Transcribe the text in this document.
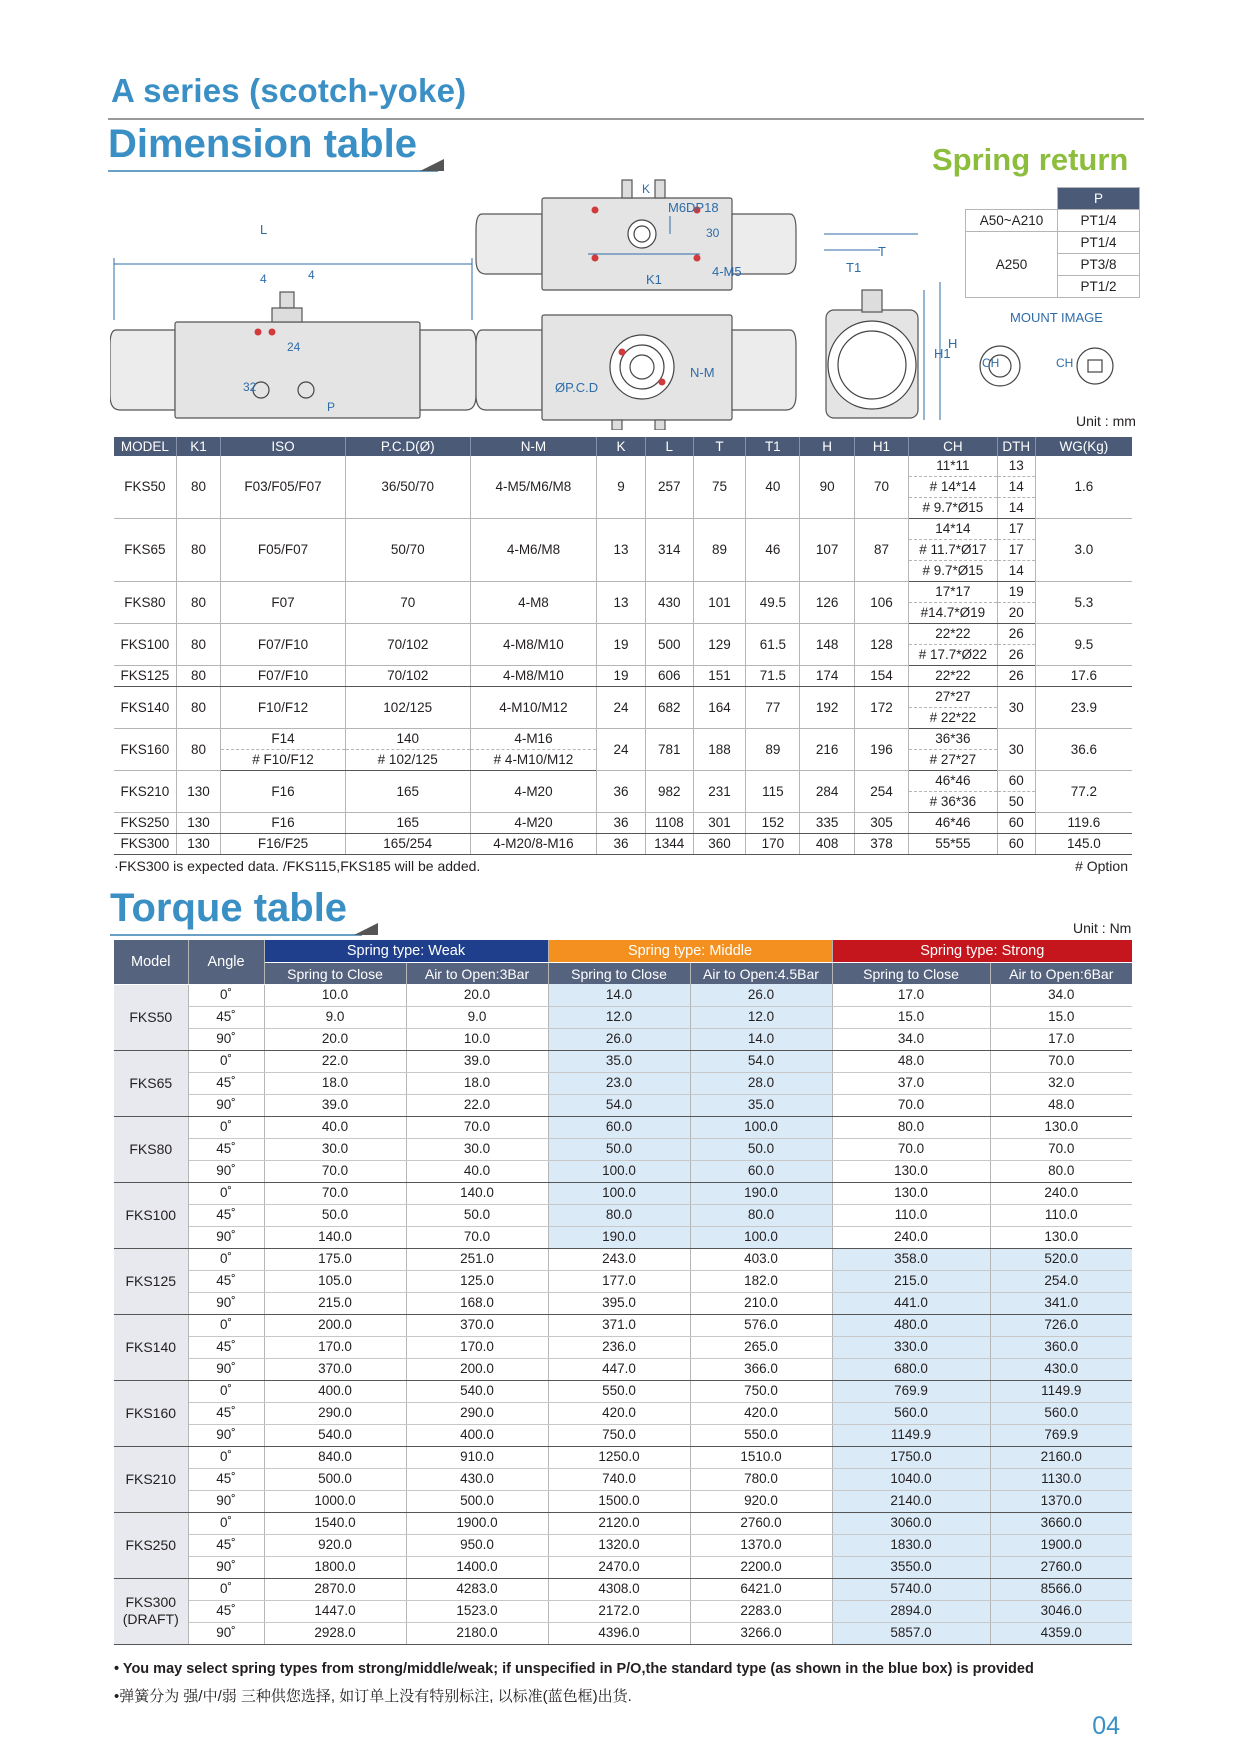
A series (scotch-yoke)
Dimension table	Spring return
L
4	4
24
32
P
K
M6DP18
30
K1
4-M5
ØP.C.D
N-M
T
T1
H1
H
CH	CH
MOUNT IMAGE
	P
A50~A210	PT1/4
A250	PT1/4
	PT3/8
	PT1/2
Unit : mm
MODEL	K1	ISO	P.C.D(Ø)	N-M	K	L	T	T1	H	H1	CH	DTH	WG(Kg)
FKS50	80	F03/F05/F07	36/50/70	4-M5/M6/M8	9	257	75	40	90	70	11*11	13	1.6
											# 14*14	14	
											# 9.7*Ø15	14	
FKS65	80	F05/F07	50/70	4-M6/M8	13	314	89	46	107	87	14*14	17	3.0
											# 11.7*Ø17	17	
											# 9.7*Ø15	14	
FKS80	80	F07	70	4-M8	13	430	101	49.5	126	106	17*17	19	5.3
											#14.7*Ø19	20	
FKS100	80	F07/F10	70/102	4-M8/M10	19	500	129	61.5	148	128	22*22	26	9.5
											# 17.7*Ø22	26	
FKS125	80	F07/F10	70/102	4-M8/M10	19	606	151	71.5	174	154	22*22	26	17.6
FKS140	80	F10/F12	102/125	4-M10/M12	24	682	164	77	192	172	27*27	30	23.9
											# 22*22		
FKS160	80	F14	140	4-M16	24	781	188	89	216	196	36*36	30	36.6
		# F10/F12	# 102/125	# 4-M10/M12							# 27*27		
FKS210	130	F16	165	4-M20	36	982	231	115	284	254	46*46	60	77.2
											# 36*36	50	
FKS250	130	F16	165	4-M20	36	1108	301	152	335	305	46*46	60	119.6
FKS300	130	F16/F25	165/254	4-M20/8-M16	36	1344	360	170	408	378	55*55	60	145.0
·FKS300 is expected data. /FKS115,FKS185 will be added.	# Option
Torque table	Unit : Nm
Model	Angle	Spring type: Weak		Spring type: Middle		Spring type: Strong	
		Spring to Close	Air to Open:3Bar	Spring to Close	Air to Open:4.5Bar	Spring to Close	Air to Open:6Bar
FKS50	0˚	10.0	20.0	14.0	26.0	17.0	34.0
	45˚	9.0	9.0	12.0	12.0	15.0	15.0
	90˚	20.0	10.0	26.0	14.0	34.0	17.0
FKS65	0˚	22.0	39.0	35.0	54.0	48.0	70.0
	45˚	18.0	18.0	23.0	28.0	37.0	32.0
	90˚	39.0	22.0	54.0	35.0	70.0	48.0
FKS80	0˚	40.0	70.0	60.0	100.0	80.0	130.0
	45˚	30.0	30.0	50.0	50.0	70.0	70.0
	90˚	70.0	40.0	100.0	60.0	130.0	80.0
FKS100	0˚	70.0	140.0	100.0	190.0	130.0	240.0
	45˚	50.0	50.0	80.0	80.0	110.0	110.0
	90˚	140.0	70.0	190.0	100.0	240.0	130.0
FKS125	0˚	175.0	251.0	243.0	403.0	358.0	520.0
	45˚	105.0	125.0	177.0	182.0	215.0	254.0
	90˚	215.0	168.0	395.0	210.0	441.0	341.0
FKS140	0˚	200.0	370.0	371.0	576.0	480.0	726.0
	45˚	170.0	170.0	236.0	265.0	330.0	360.0
	90˚	370.0	200.0	447.0	366.0	680.0	430.0
FKS160	0˚	400.0	540.0	550.0	750.0	769.9	1149.9
	45˚	290.0	290.0	420.0	420.0	560.0	560.0
	90˚	540.0	400.0	750.0	550.0	1149.9	769.9
FKS210	0˚	840.0	910.0	1250.0	1510.0	1750.0	2160.0
	45˚	500.0	430.0	740.0	780.0	1040.0	1130.0
	90˚	1000.0	500.0	1500.0	920.0	2140.0	1370.0
FKS250	0˚	1540.0	1900.0	2120.0	2760.0	3060.0	3660.0
	45˚	920.0	950.0	1320.0	1370.0	1830.0	1900.0
	90˚	1800.0	1400.0	2470.0	2200.0	3550.0	2760.0
FKS300
(DRAFT)	0˚	2870.0	4283.0	4308.0	6421.0	5740.0	8566.0
	45˚	1447.0	1523.0	2172.0	2283.0	2894.0	3046.0
	90˚	2928.0	2180.0	4396.0	3266.0	5857.0	4359.0
• You may select spring types from strong/middle/weak; if unspecified in P/O,the standard type (as shown in the blue box) is provided
•弹簧分为 强/中/弱 三种供您选择, 如订单上没有特别标注, 以标准(蓝色框)出货.
04
